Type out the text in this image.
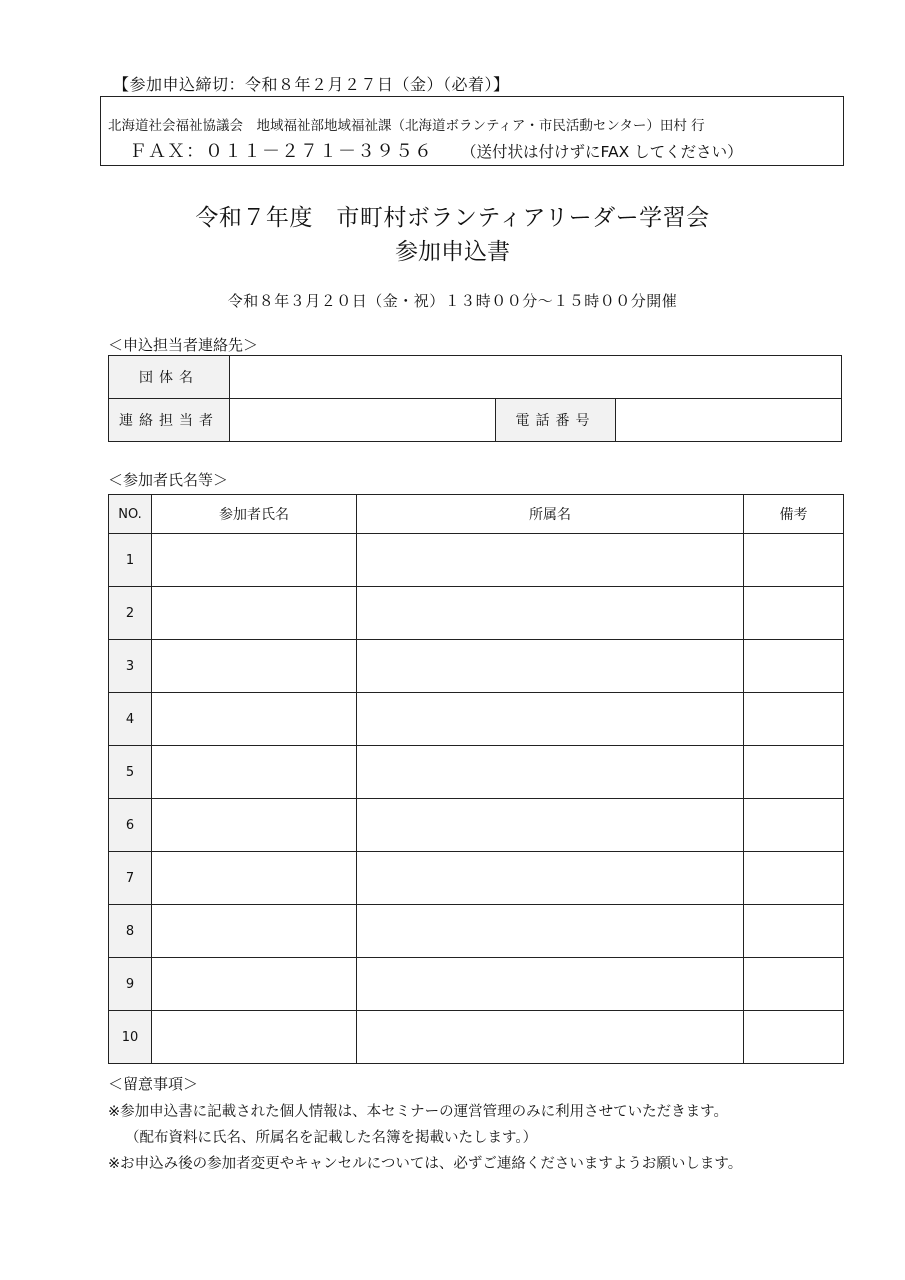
【参加申込締切：令和８年２月２７日（金）（必着）】
北海道社会福祉協議会　地域福祉部地域福祉課（北海道ボランティア・市民活動センター）田村 行
ＦＡＸ：０１１－２７１－３９５６ （送付状は付けずにFAX してください）
令和７年度　市町村ボランティアリーダー学習会
参加申込書
令和８年３月２０日（金・祝）１３時００分～１５時００分開催
＜申込担当者連絡先＞
団体名			
連絡担当者		電話番号	
＜参加者氏名等＞
NO.	参加者氏名	所属名	備考
1			
2			
3			
4			
5			
6			
7			
8			
9			
10			
＜留意事項＞
※参加申込書に記載された個人情報は、本セミナーの運営管理のみに利用させていただきます。
（配布資料に氏名、所属名を記載した名簿を掲載いたします。）
※お申込み後の参加者変更やキャンセルについては、必ずご連絡くださいますようお願いします。
